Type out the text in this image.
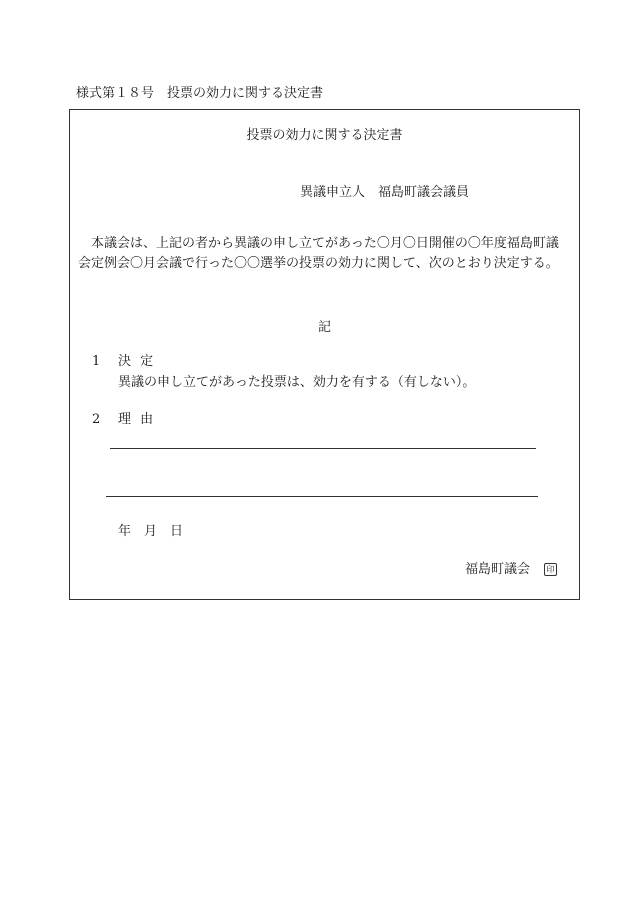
様式第１８号　投票の効力に関する決定書
投票の効力に関する決定書
異議申立人 福島町議会議員
本議会は、上記の者から異議の申し立てがあった〇月〇日開催の〇年度福島町議会定例会〇月会議で行った〇〇選挙の投票の効力に関して、次のとおり決定する。
記
1 決定
異議の申し立てがあった投票は、効力を有する（有しない）。
2 理由
年 月 日
福島町議会 印
